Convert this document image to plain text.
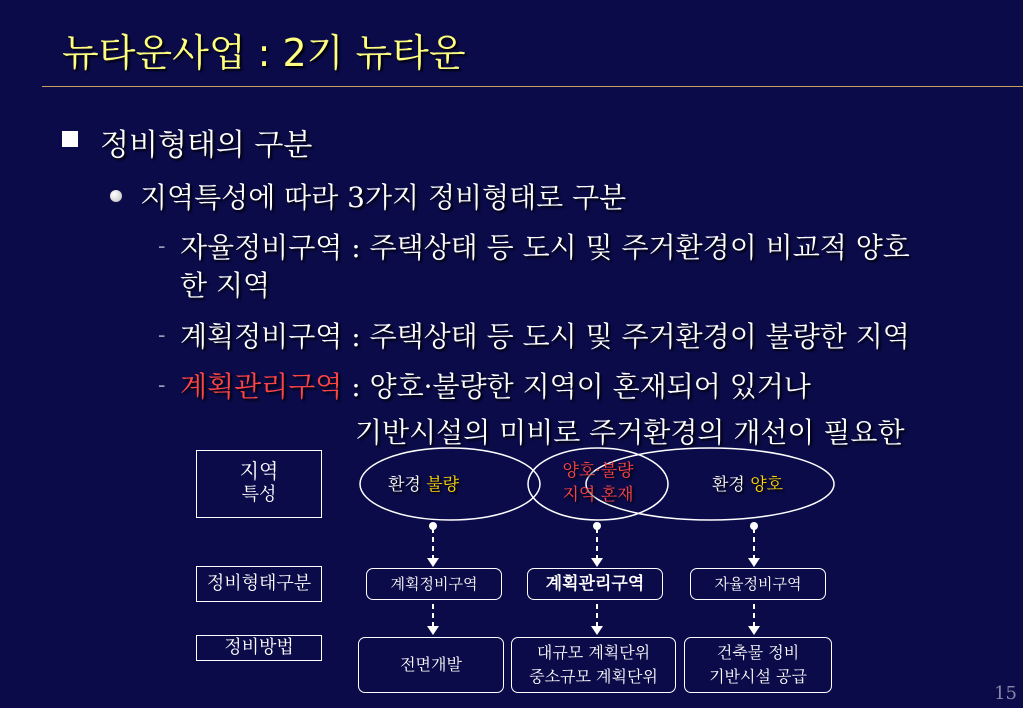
뉴타운사업 : 2기 뉴타운
정비형태의 구분
지역특성에 따라 3가지 정비형태로 구분
- 자율정비구역 : 주택상태 등 도시 및 주거환경이 비교적 양호
한 지역
- 계획정비구역 : 주택상태 등 도시 및 주거환경이 불량한 지역
- 계획관리구역 : 양호·불량한 지역이 혼재되어 있거나
기반시설의 미비로 주거환경의 개선이 필요한
지역
특성
정비형태구분
정비방법
환경 불량
양호·불량
지역 혼재	환경 양호
계획정비구역	계획관리구역	자율정비구역
전면개발
대규모 계획단위
중소규모 계획단위
건축물 정비
기반시설 공급
15
